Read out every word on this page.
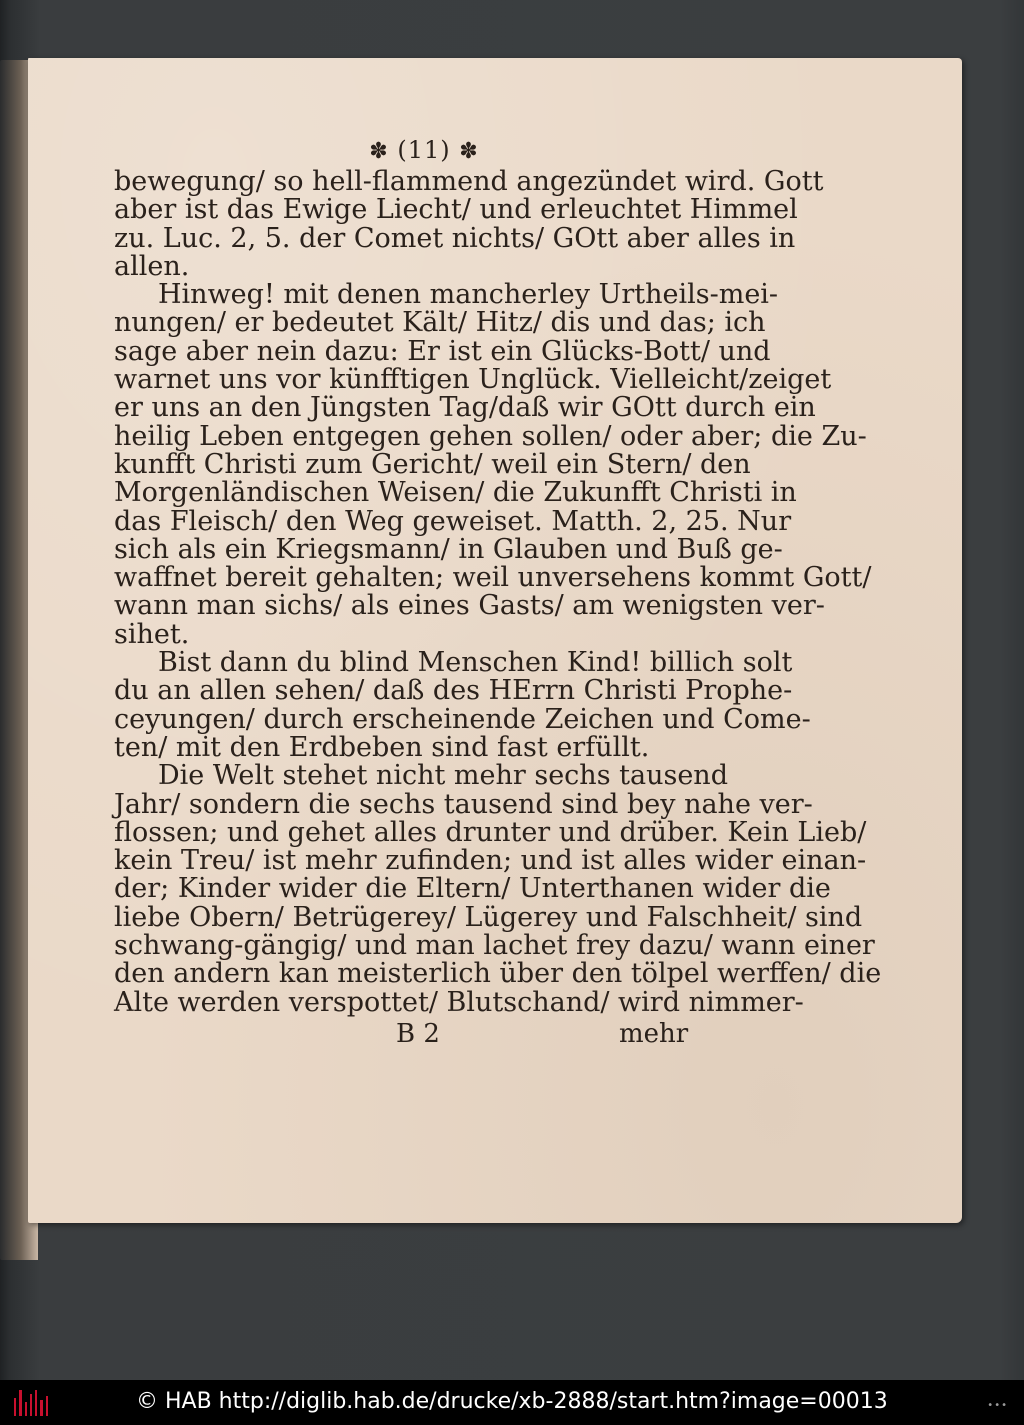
✽ (11) ✽
bewegung/ so hell-flammend angezündet wird. Gott
aber ist das Ewige Liecht/ und erleuchtet Himmel
zu. Luc. 2, 5. der Comet nichts/ GOtt aber alles in
allen.
Hinweg! mit denen mancherley Urtheils-mei-
nungen/ er bedeutet Kält/ Hitz/ dis und das; ich
sage aber nein dazu: Er ist ein Glücks-Bott/ und
warnet uns vor künfftigen Unglück. Vielleicht/zeiget
er uns an den Jüngsten Tag/daß wir GOtt durch ein
heilig Leben entgegen gehen sollen/ oder aber; die Zu-
kunfft Christi zum Gericht/ weil ein Stern/ den
Morgenländischen Weisen/ die Zukunfft Christi in
das Fleisch/ den Weg geweiset. Matth. 2, 25. Nur
sich als ein Kriegsmann/ in Glauben und Buß ge-
waffnet bereit gehalten; weil unversehens kommt Gott/
wann man sichs/ als eines Gasts/ am wenigsten ver-
sihet.
Bist dann du blind Menschen Kind! billich solt
du an allen sehen/ daß des HErrn Christi Prophe-
ceyungen/ durch erscheinende Zeichen und Come-
ten/ mit den Erdbeben sind fast erfüllt.
Die Welt stehet nicht mehr sechs tausend
Jahr/ sondern die sechs tausend sind bey nahe ver-
flossen; und gehet alles drunter und drüber. Kein Lieb/
kein Treu/ ist mehr zufinden; und ist alles wider einan-
der; Kinder wider die Eltern/ Unterthanen wider die
liebe Obern/ Betrügerey/ Lügerey und Falschheit/ sind
schwang-gängig/ und man lachet frey dazu/ wann einer
den andern kan meisterlich über den tölpel werffen/ die
Alte werden verspottet/ Blutschand/ wird nimmer-
B 2	mehr
© HAB http://diglib.hab.de/drucke/xb-2888/start.htm?image=00013	•••
